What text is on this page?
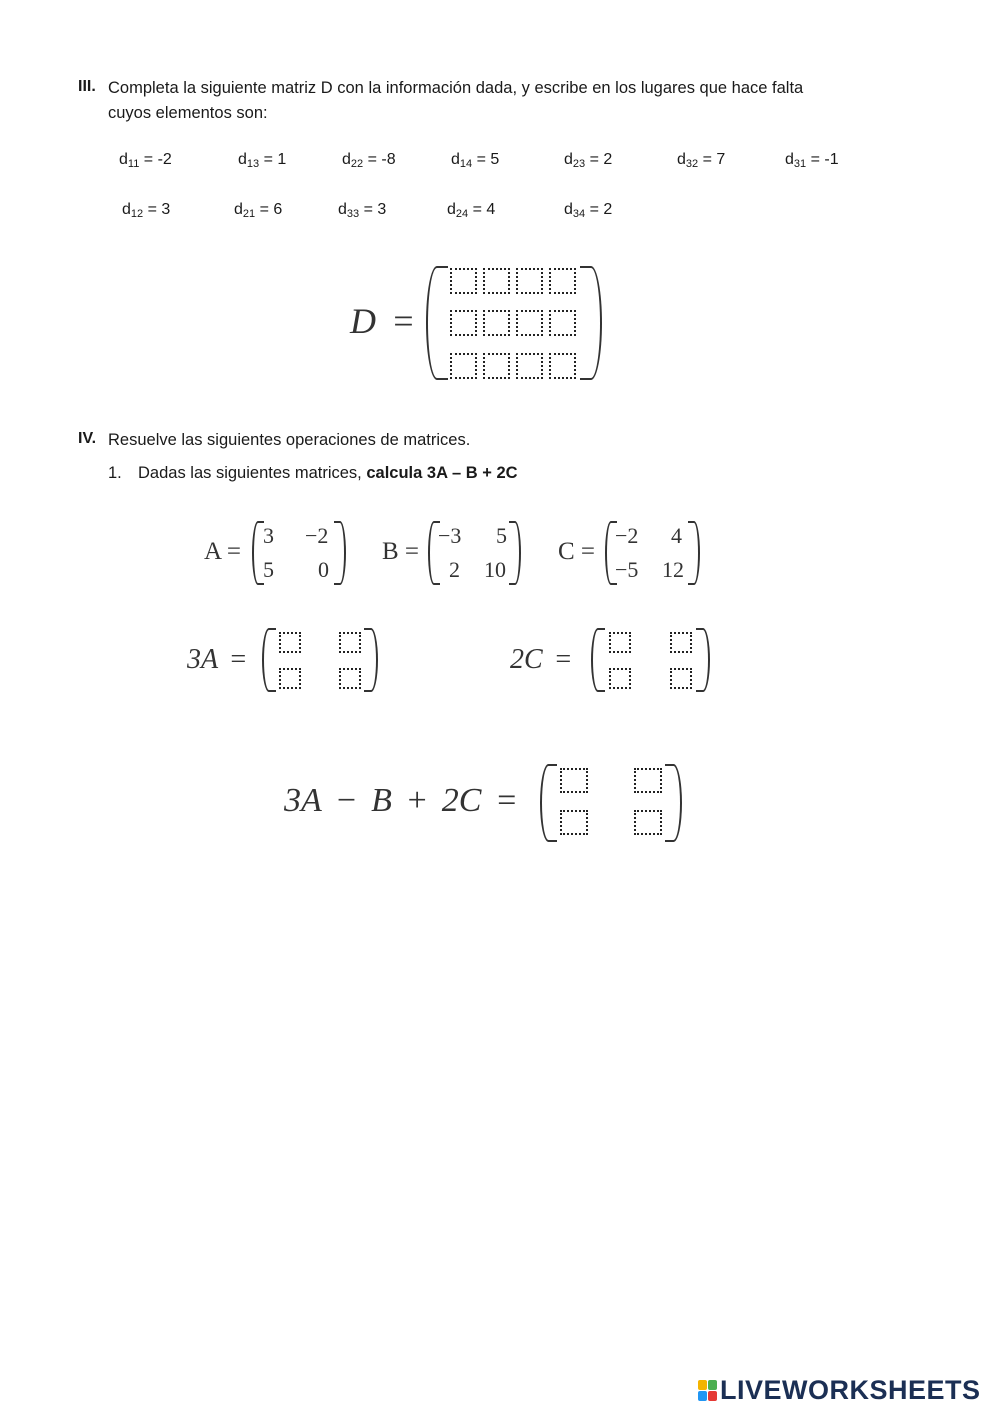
III. Completa la siguiente matriz D con la información dada, y escribe en los lugares que hace falta
cuyos elementos son:
$d_{11} = -2$	$d_{13} = 1$	$d_{22} = -8$	$d_{14} = 5$	$d_{23} = 2$	$d_{32} = 7$	$d_{31} = -1$
$d_{12} = 3$	$d_{21} = 6$	$d_{33} = 3$	$d_{24} = 4$	$d_{34} = 2$
D =
IV. Resuelve las siguientes operaciones de matrices.
1. Dadas las siguientes matrices, calcula 3A – B + 2C
A =
3 −2
5 0
B =
−3 5
2 10
C =
−2 4
−5 12
3A =	2C =
3A − B + 2C =
LIVEWORKSHEETS
